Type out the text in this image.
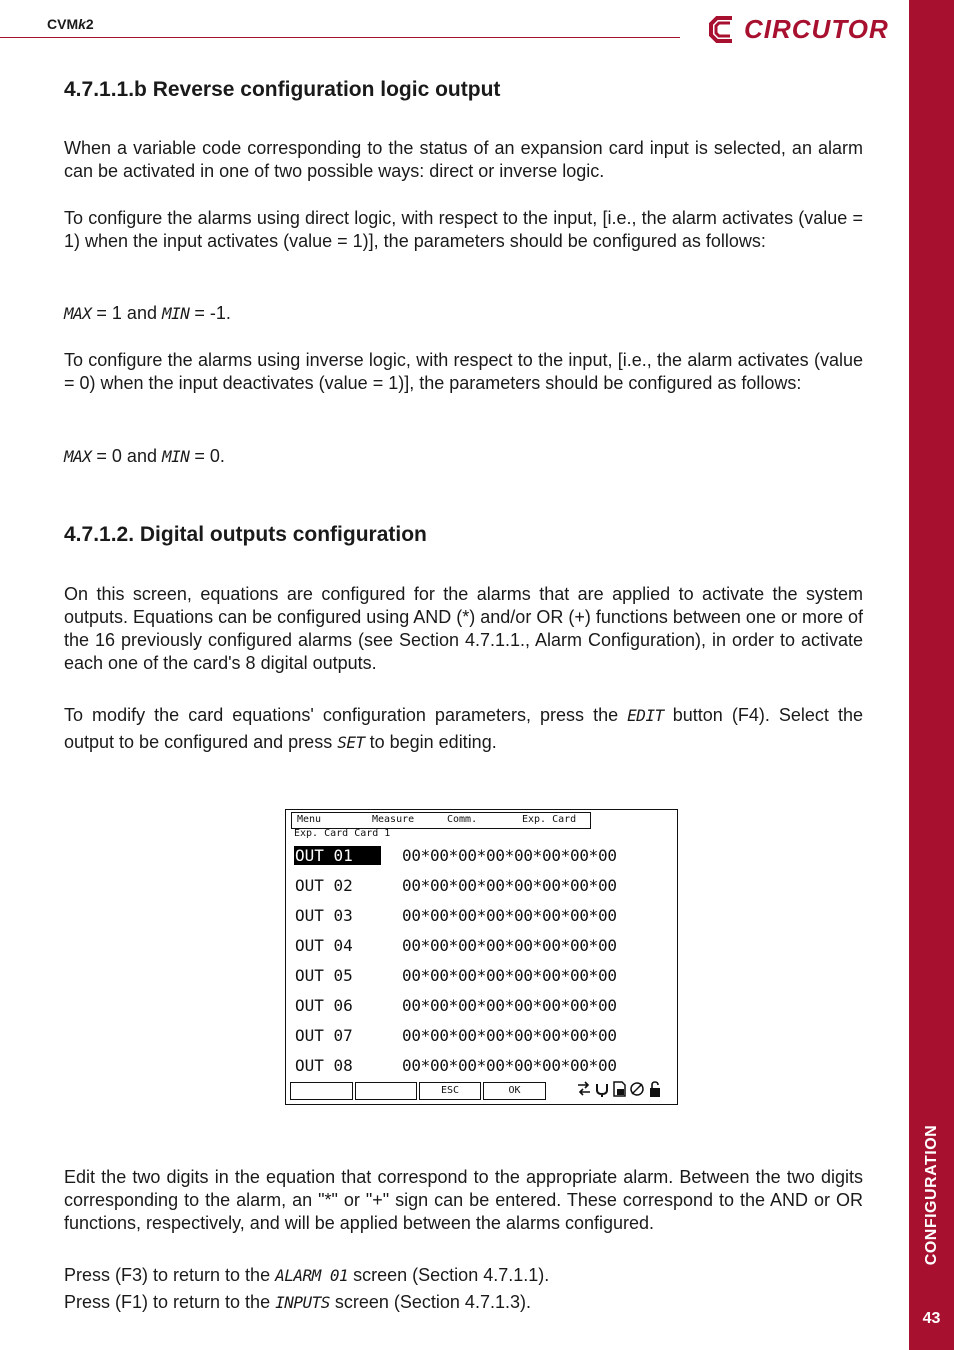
CONFIGURATION
43
CVMk2	CIRCUTOR
4.7.1.1.b Reverse configuration logic output

When a variable code corresponding to the status of an expansion card input is selected, an alarm can be activated in one of two possible ways: direct or inverse logic.

To configure the alarms using direct logic, with respect to the input, [i.e., the alarm activates (value = 1) when the input activates (value = 1)], the parameters should be configured as follows:

MAX = 1 and MIN = -1.

To configure the alarms using inverse logic, with respect to the input, [i.e., the alarm activates (value = 0) when the input deactivates (value = 1)], the parameters should be configured as follows:

MAX = 0 and MIN = 0.

4.7.1.2. Digital outputs configuration

On this screen, equations are configured for the alarms that are applied to activate the system outputs. Equations can be configured using AND (*) and/or OR (+) functions between one or more of the 16 previously configured alarms (see Section 4.7.1.1., Alarm Configuration), in order to activate each one of the card's 8 digital outputs.

To modify the card equations' configuration parameters, press the EDIT button (F4). Select the output to be configured and press SET to begin editing.

Menu	Measure	Comm.	Exp. Card
Exp. Card Card 1
OUT 01	00*00*00*00*00*00*00*00
OUT 02	00*00*00*00*00*00*00*00
OUT 03	00*00*00*00*00*00*00*00
OUT 04	00*00*00*00*00*00*00*00
OUT 05	00*00*00*00*00*00*00*00
OUT 06	00*00*00*00*00*00*00*00
OUT 07	00*00*00*00*00*00*00*00
OUT 08	00*00*00*00*00*00*00*00
ESC	OK

Edit the two digits in the equation that correspond to the appropriate alarm. Between the two digits corresponding to the alarm, an "*" or "+" sign can be entered. These correspond to the AND or OR functions, respectively, and will be applied between the alarms configured.

Press (F3) to return to the ALARM 01 screen (Section 4.7.1.1).

Press (F1) to return to the INPUTS screen (Section 4.7.1.3).
